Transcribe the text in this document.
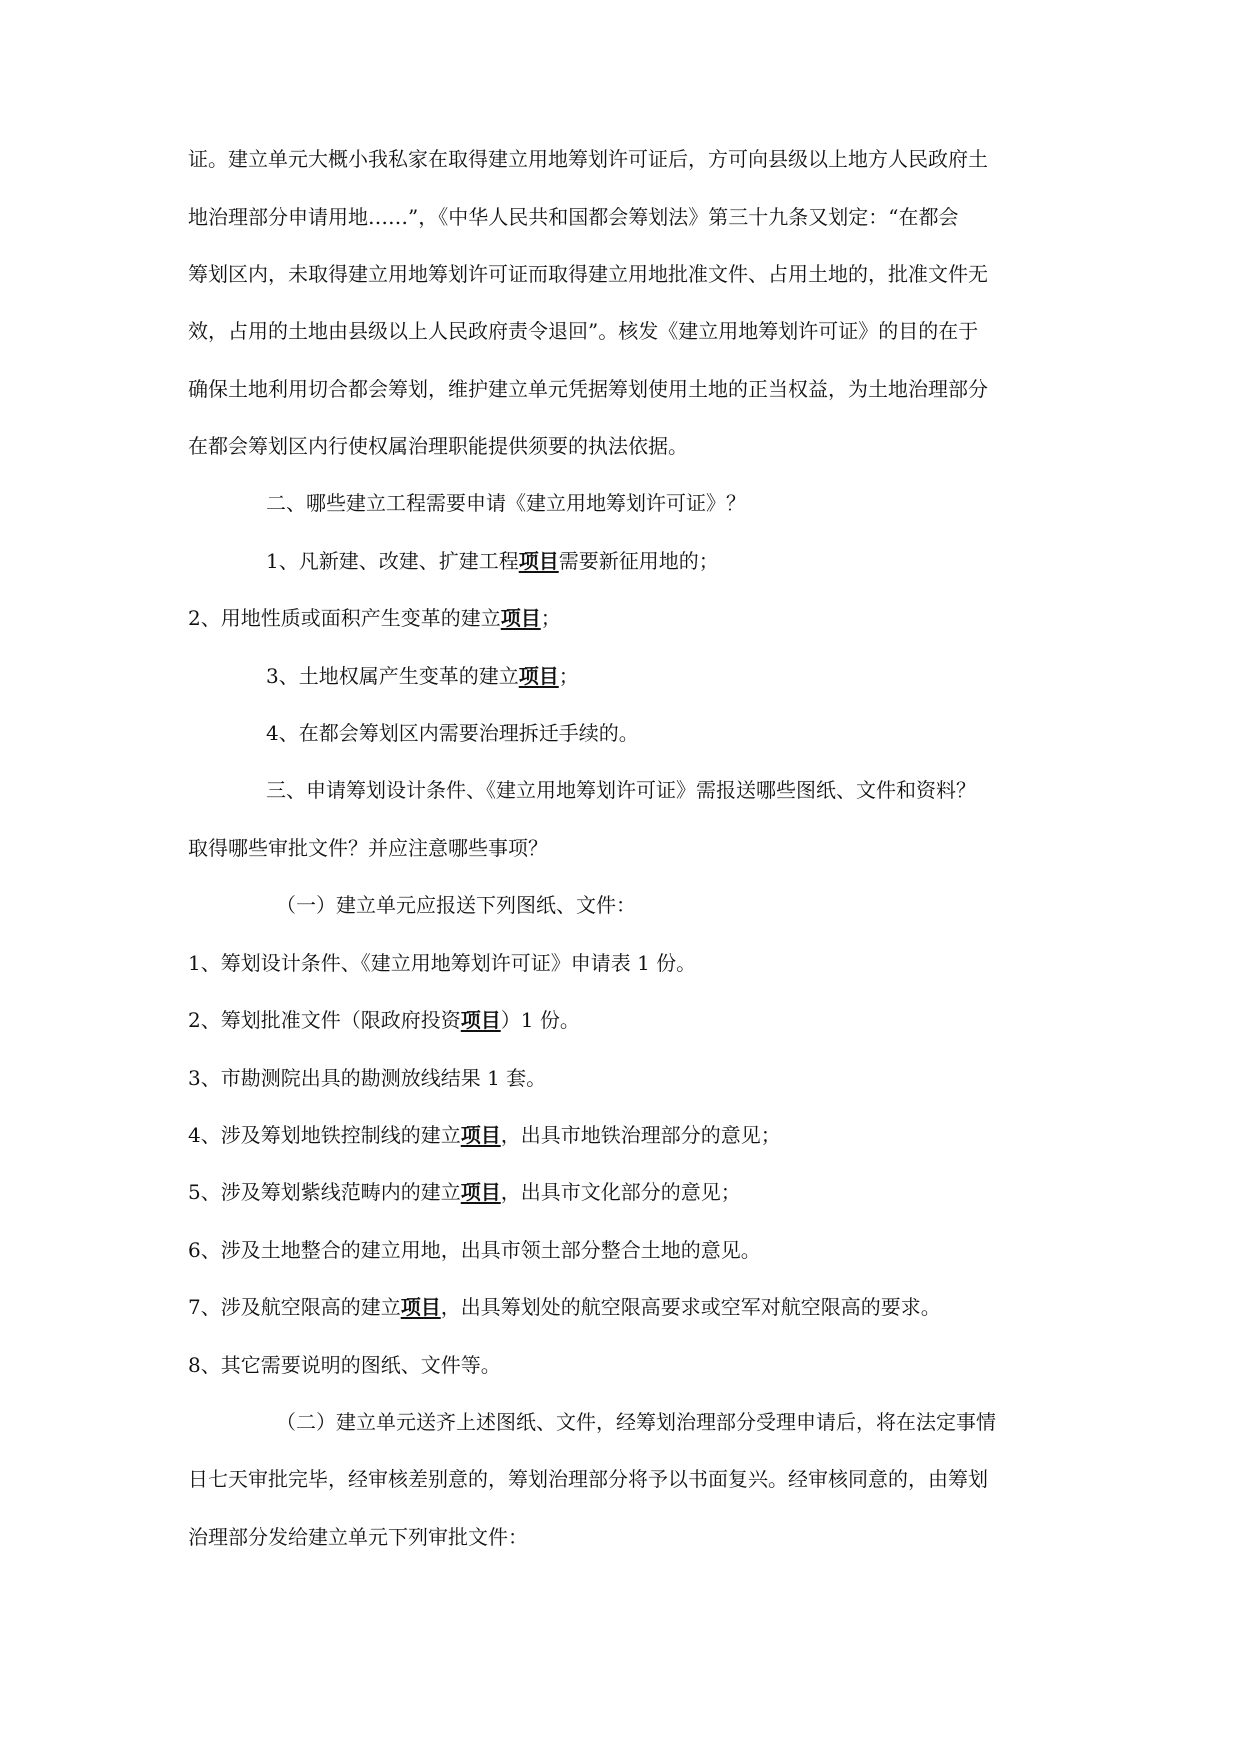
证。建立单元大概小我私家在取得建立用地筹划许可证后，方可向县级以上地方人民政府土

地治理部分申请用地……”，《中华人民共和国都会筹划法》第三十九条又划定：“在都会

筹划区内，未取得建立用地筹划许可证而取得建立用地批准文件、占用土地的，批准文件无

效，占用的土地由县级以上人民政府责令退回”。核发《建立用地筹划许可证》的目的在于

确保土地利用切合都会筹划，维护建立单元凭据筹划使用土地的正当权益，为土地治理部分

在都会筹划区内行使权属治理职能提供须要的执法依据。

二、哪些建立工程需要申请《建立用地筹划许可证》？

1、凡新建、改建、扩建工程项目需要新征用地的；

2、用地性质或面积产生变革的建立项目；

3、土地权属产生变革的建立项目；

4、在都会筹划区内需要治理拆迁手续的。

三、申请筹划设计条件、《建立用地筹划许可证》需报送哪些图纸、文件和资料？

取得哪些审批文件？并应注意哪些事项？

（一）建立单元应报送下列图纸、文件：

1、筹划设计条件、《建立用地筹划许可证》申请表 1 份。

2、筹划批准文件（限政府投资项目）1 份。

3、市勘测院出具的勘测放线结果 1 套。

4、涉及筹划地铁控制线的建立项目，出具市地铁治理部分的意见；

5、涉及筹划紫线范畴内的建立项目，出具市文化部分的意见；

6、涉及土地整合的建立用地，出具市领土部分整合土地的意见。

7、涉及航空限高的建立项目，出具筹划处的航空限高要求或空军对航空限高的要求。

8、其它需要说明的图纸、文件等。

（二）建立单元送齐上述图纸、文件，经筹划治理部分受理申请后，将在法定事情

日七天审批完毕，经审核差别意的，筹划治理部分将予以书面复兴。经审核同意的，由筹划

治理部分发给建立单元下列审批文件：
